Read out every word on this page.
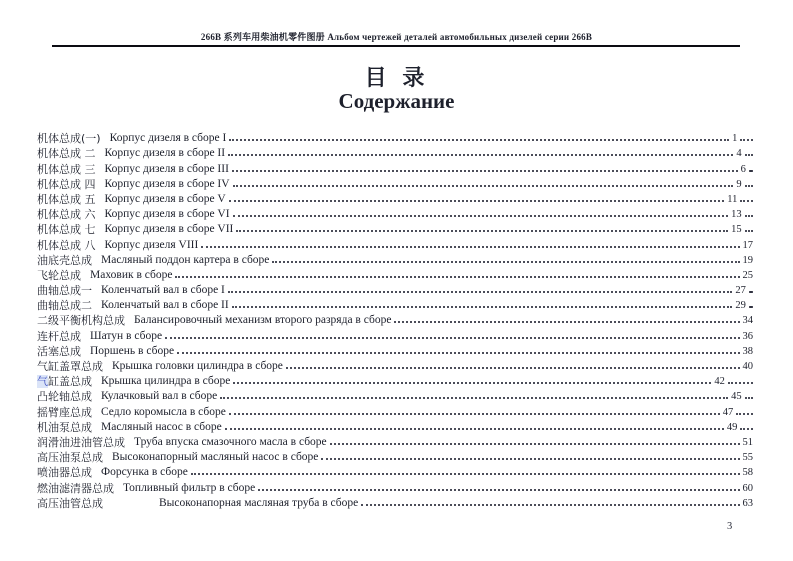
266B 系列车用柴油机零件图册 Альбом чертежей деталей автомобильных дизелей серии 266B
目 录
Содержание
机体总成(一) Корпус дизеля в сборе I	1
机体总成 二 Корпус дизеля в сборе II	4
机体总成 三 Корпус дизеля в сборе III	6
机体总成 四 Корпус дизеля в сборе IV	9
机体总成 五 Корпус дизеля в сборе V	11
机体总成 六 Корпус дизеля в сборе VI	13
机体总成 七 Корпус дизеля в сборе VII	15
机体总成 八 Корпус дизеля VIII	17
油底壳总成 Масляный поддон картера в сборе	19
飞轮总成 Маховик в сборе	25
曲轴总成一 Коленчатый вал в сборе I	27
曲轴总成二 Коленчатый вал в сборе II	29
二级平衡机构总成 Балансировочный механизм второго разряда в сборе	34
连杆总成 Шатун в сборе	36
活塞总成 Поршень в сборе	38
气缸盖罩总成 Крышка головки цилиндра в сборе	40
气缸盖总成 Крышка цилиндра в сборе	42
凸轮轴总成 Кулачковый вал в сборе	45
摇臂座总成 Седло коромысла в сборе	47
机油泵总成 Масляный насос в сборе	49
润滑油进油管总成 Труба впуска смазочного масла в сборе	51
高压油泵总成 Высоконапорный масляный насос в сборе	55
喷油器总成 Форсунка в сборе	58
燃油滤清器总成 Топливный фильтр в сборе	60
高压油管总成	Высоконапорная масляная труба в сборе	63
3
